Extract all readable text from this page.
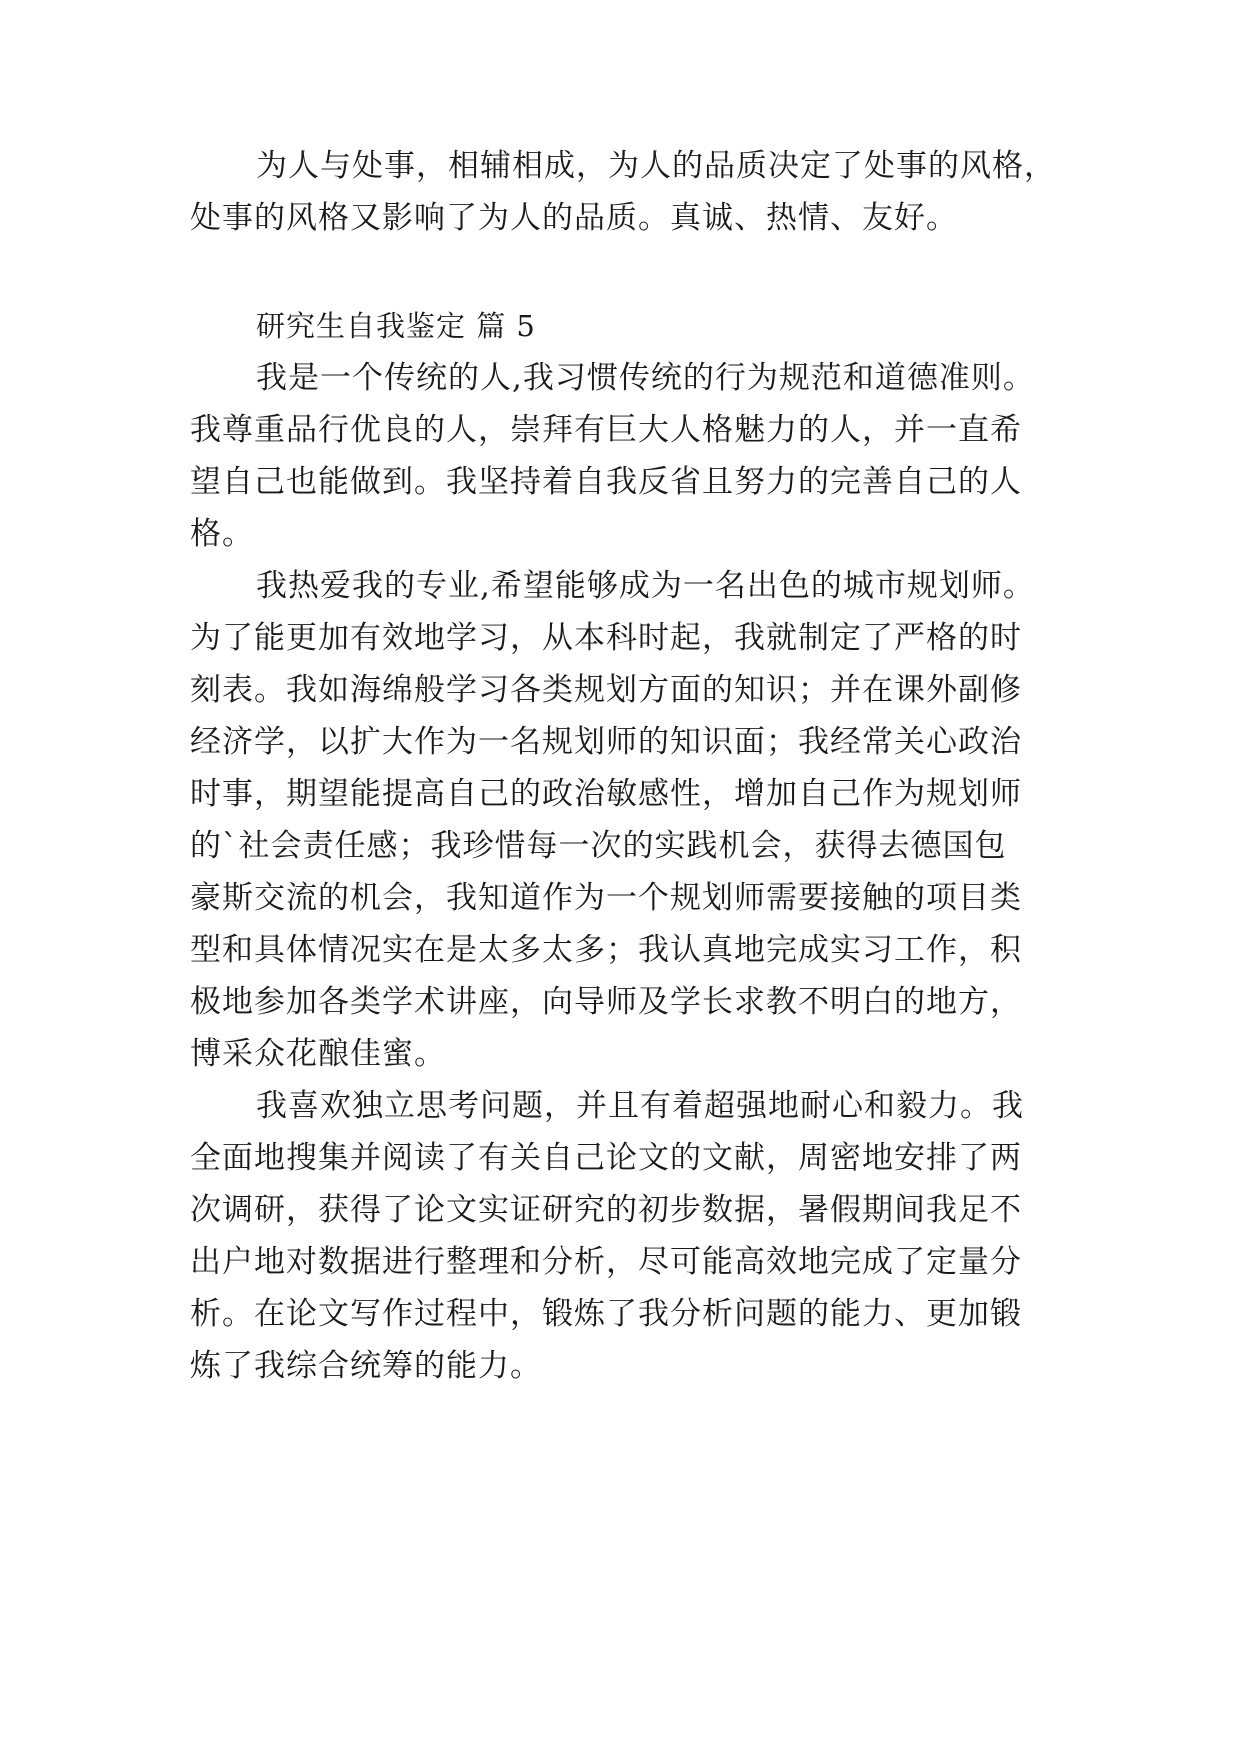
为人与处事，相辅相成，为人的品质决定了处事的风格，
处事的风格又影响了为人的品质。真诚、热情、友好。
研究生自我鉴定 篇 5
我是一个传统的人,我习惯传统的行为规范和道德准则。
我尊重品行优良的人，崇拜有巨大人格魅力的人，并一直希
望自己也能做到。我坚持着自我反省且努力的完善自己的人
格。
我热爱我的专业,希望能够成为一名出色的城市规划师。
为了能更加有效地学习，从本科时起，我就制定了严格的时
刻表。我如海绵般学习各类规划方面的知识；并在课外副修
经济学，以扩大作为一名规划师的知识面；我经常关心政治
时事，期望能提高自己的政治敏感性，增加自己作为规划师
的`社会责任感；我珍惜每一次的实践机会，获得去德国包
豪斯交流的机会，我知道作为一个规划师需要接触的项目类
型和具体情况实在是太多太多；我认真地完成实习工作，积
极地参加各类学术讲座，向导师及学长求教不明白的地方，
博采众花酿佳蜜。
我喜欢独立思考问题，并且有着超强地耐心和毅力。我
全面地搜集并阅读了有关自己论文的文献，周密地安排了两
次调研，获得了论文实证研究的初步数据，暑假期间我足不
出户地对数据进行整理和分析，尽可能高效地完成了定量分
析。在论文写作过程中，锻炼了我分析问题的能力、更加锻
炼了我综合统筹的能力。
